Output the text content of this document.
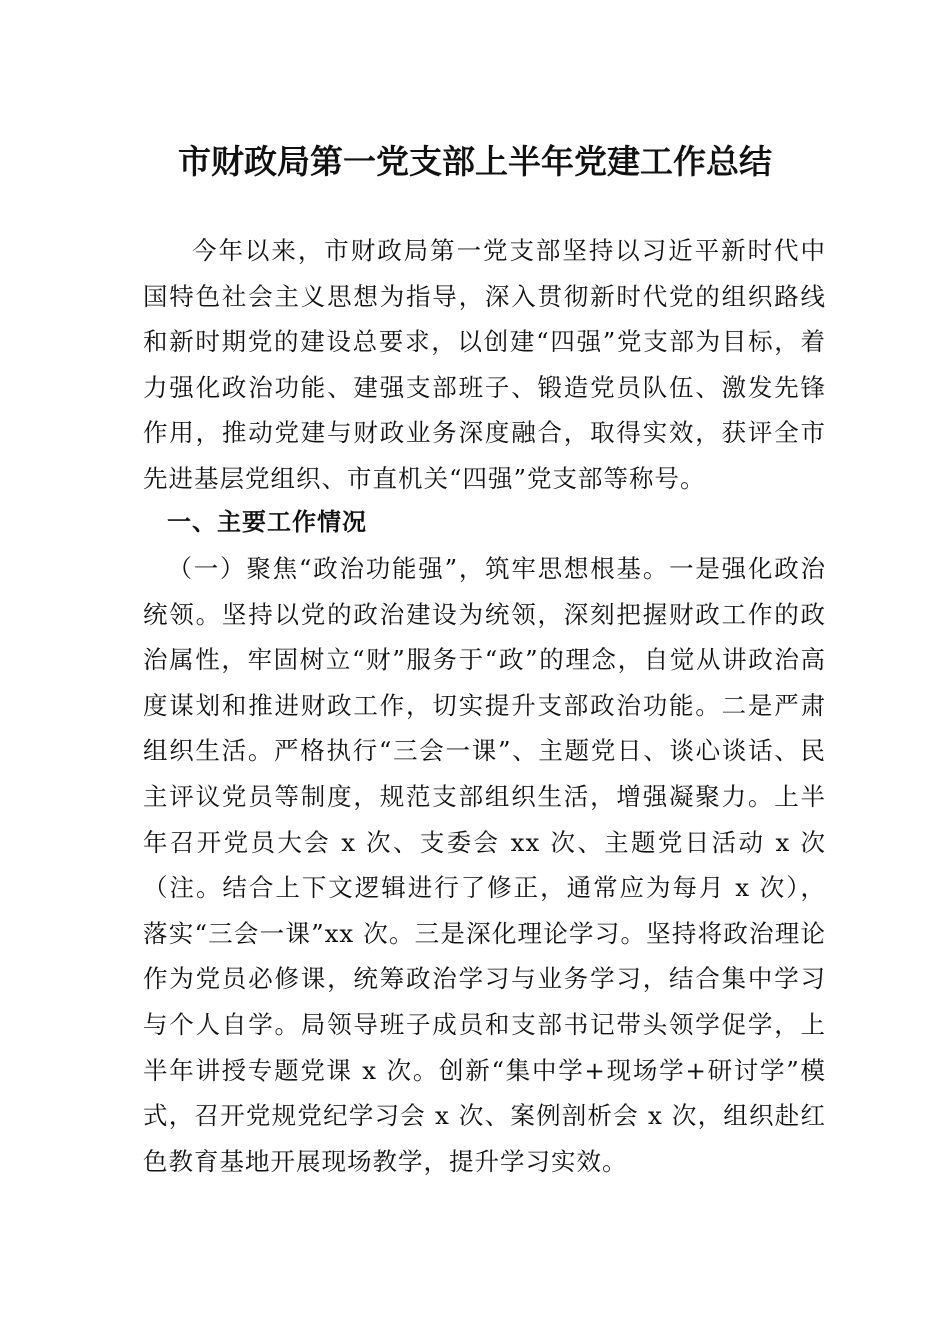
市财政局第一党支部上半年党建工作总结

今年以来，市财政局第一党支部坚持以习近平新时代中国特色社会主义思想为指导，深入贯彻新时代党的组织路线和新时期党的建设总要求，以创建“四强”党支部为目标，着力强化政治功能、建强支部班子、锻造党员队伍、激发先锋作用，推动党建与财政业务深度融合，取得实效，获评全市先进基层党组织、市直机关“四强”党支部等称号。

一、主要工作情况

（一）聚焦“政治功能强”，筑牢思想根基。一是强化政治统领。坚持以党的政治建设为统领，深刻把握财政工作的政治属性，牢固树立“财”服务于“政”的理念，自觉从讲政治高度谋划和推进财政工作，切实提升支部政治功能。二是严肃组织生活。严格执行“三会一课”、主题党日、谈心谈话、民主评议党员等制度，规范支部组织生活，增强凝聚力。上半年召开党员大会 x 次、支委会 xx 次、主题党日活动 x 次（注。结合上下文逻辑进行了修正，通常应为每月 x 次），落实“三会一课”xx 次。三是深化理论学习。坚持将政治理论作为党员必修课，统筹政治学习与业务学习，结合集中学习与个人自学。局领导班子成员和支部书记带头领学促学，上半年讲授专题党课 x 次。创新“集中学+现场学+研讨学”模式，召开党规党纪学习会 x 次、案例剖析会 x 次，组织赴红色教育基地开展现场教学，提升学习实效。
